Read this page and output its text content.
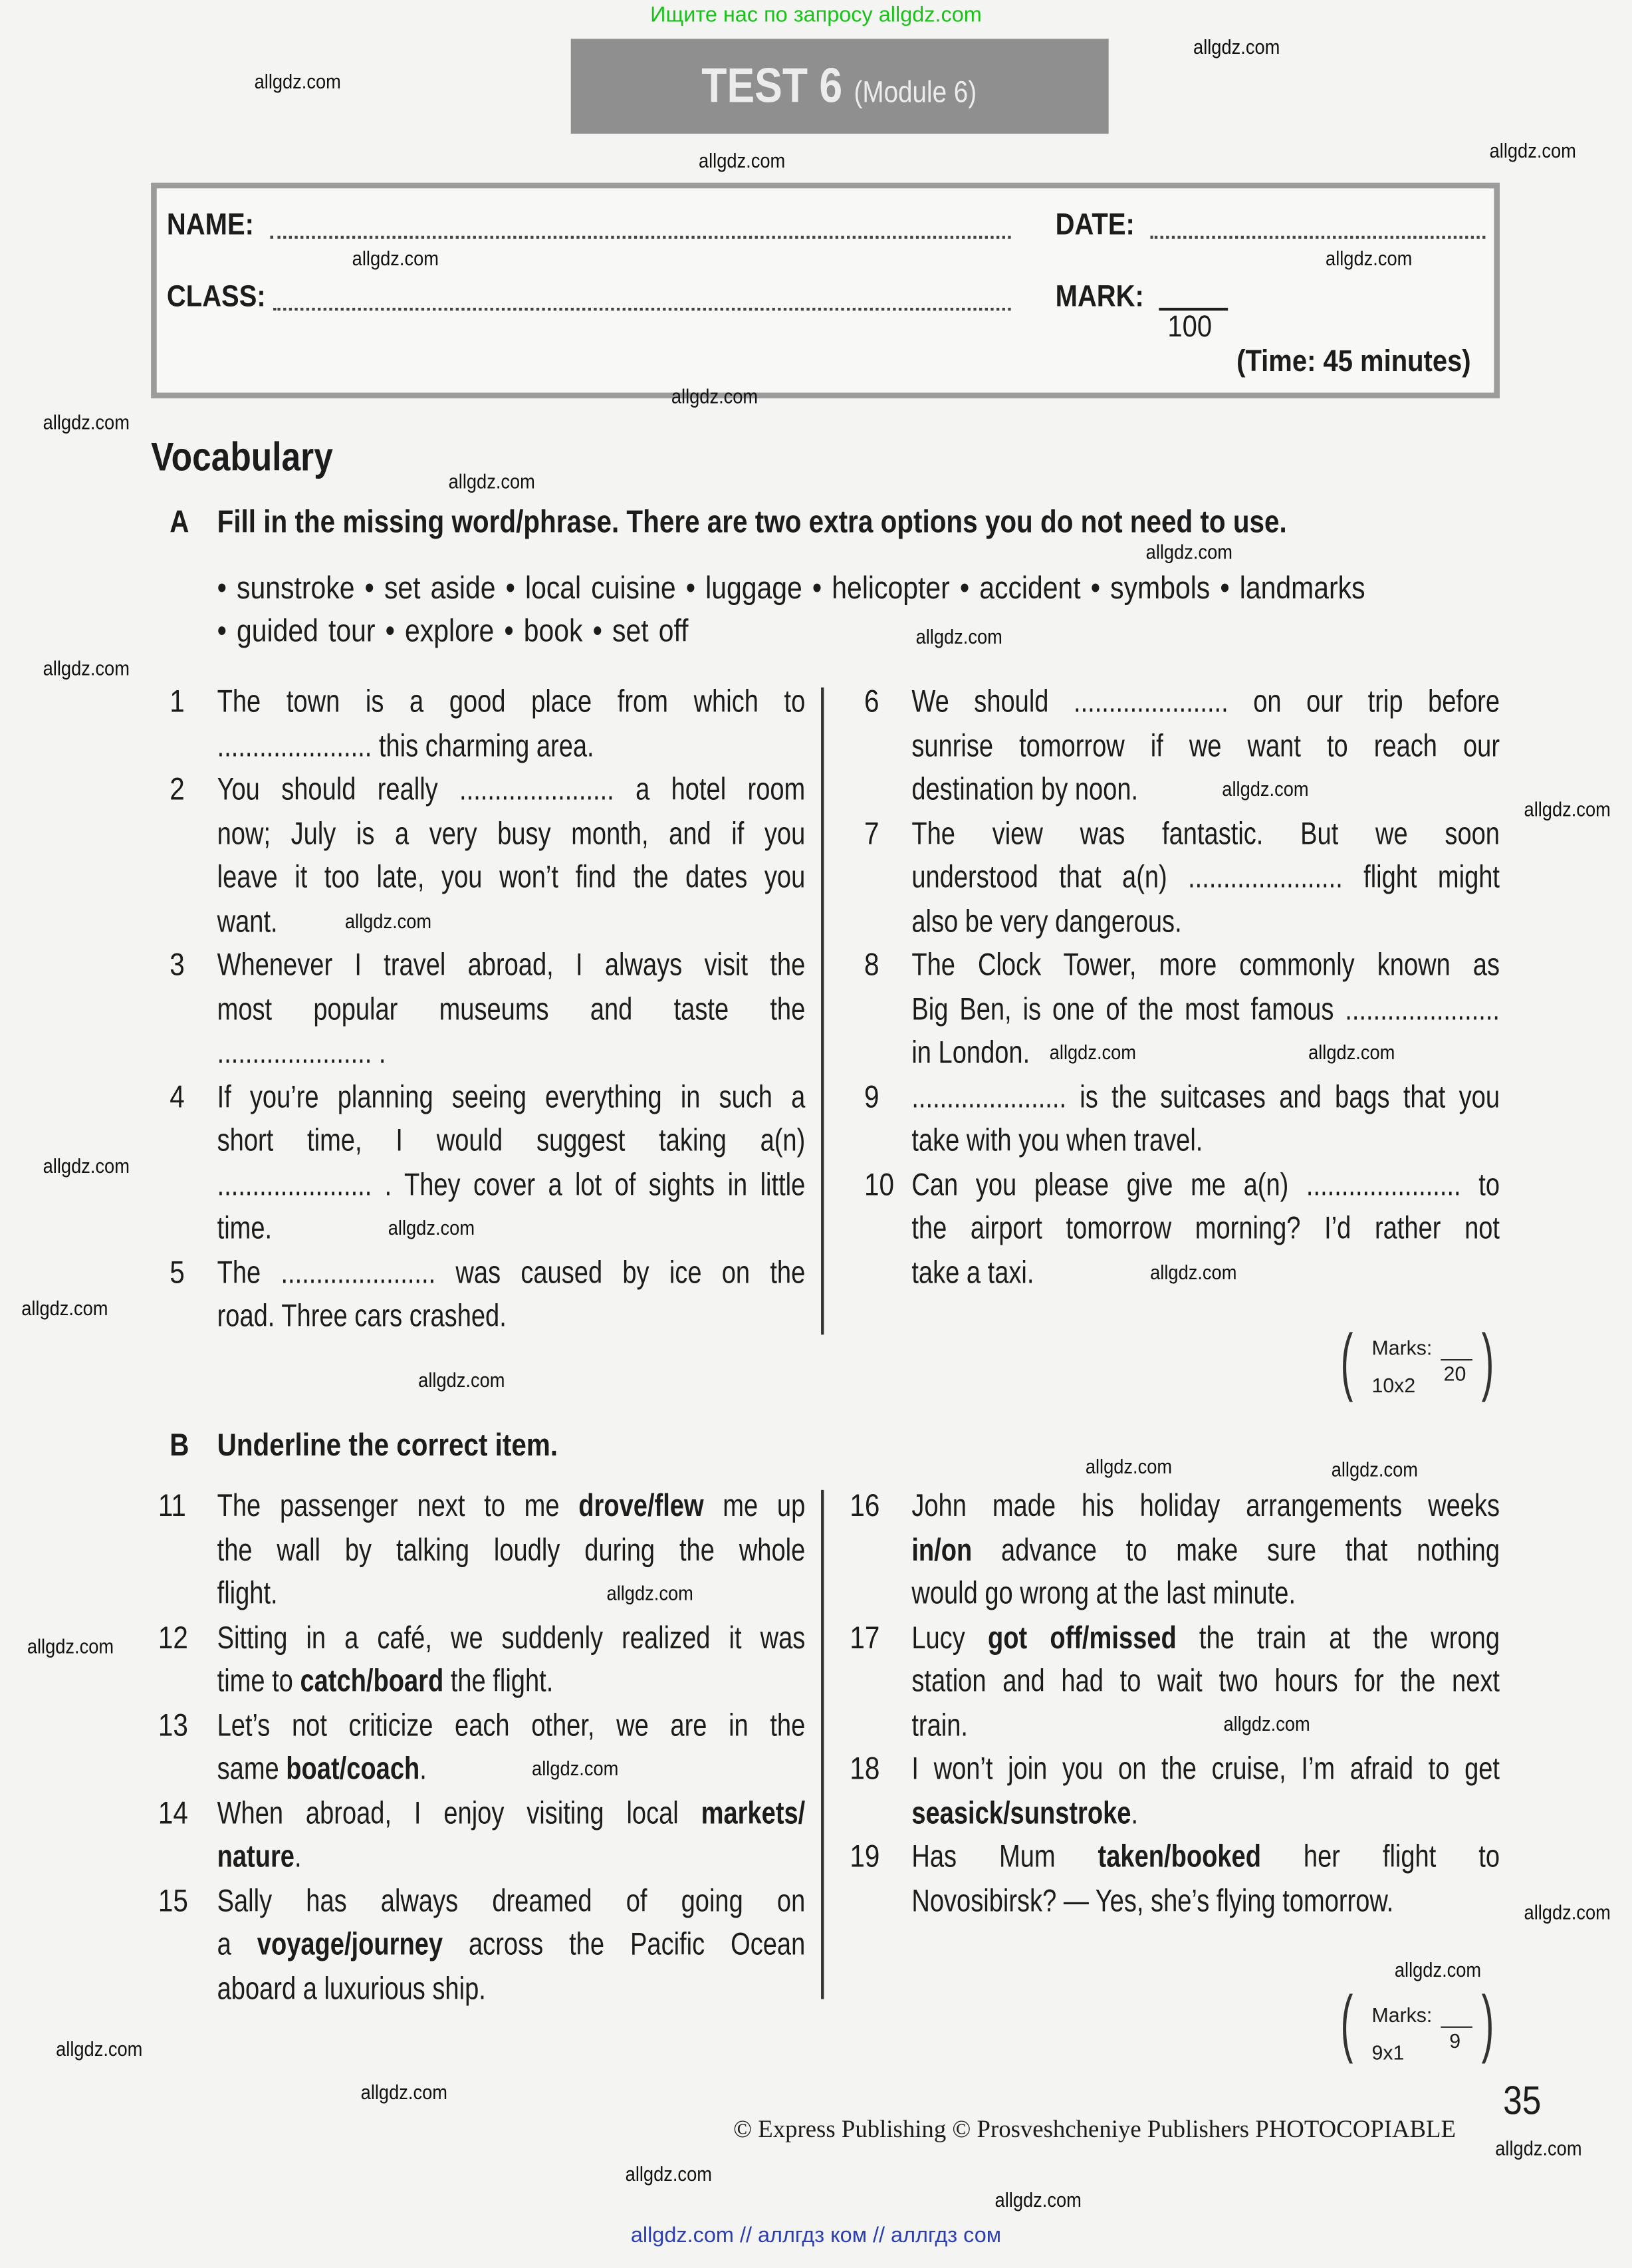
Ищите нас по запросу allgdz.com
TEST 6 (Module 6)
NAME:	DATE:
CLASS:	MARK:
100
(Time: 45 minutes)
Vocabulary
A Fill in the missing word/phrase. There are two extra options you do not need to use.
• sunstroke • set aside • local cuisine • luggage • helicopter • accident • symbols • landmarks
• guided tour • explore • book • set off
( Marks:
20
10x2 )
B Underline the correct item.
( Marks:
9
9x1 )
© Express Publishing © Prosveshcheniye Publishers PHOTOCOPIABLE
35
allgdz.com
allgdz.com
allgdz.com
allgdz.com
allgdz.com	allgdz.com
allgdz.com
allgdz.com
allgdz.com
allgdz.com
allgdz.com
allgdz.com
allgdz.com
allgdz.com
allgdz.com
allgdz.com
allgdz.com
allgdz.com
allgdz.com
allgdz.com
allgdz.com
allgdz.com
allgdz.com	allgdz.com
allgdz.com
allgdz.com
allgdz.com
allgdz.com
allgdz.com
allgdz.com
allgdz.com
allgdz.com
allgdz.com
allgdz.com
allgdz.com
allgdz.com // аллгдз ком // аллгдз сом
1 The town is a good place from which to
...................... this charming area.
2 You should really ...................... a hotel room
now; July is a very busy month, and if you
leave it too late, you won’t find the dates you
want.
3 Whenever I travel abroad, I always visit the
most popular museums and taste the
...................... .
4 If you’re planning seeing everything in such a
short time, I would suggest taking a(n)
...................... . They cover a lot of sights in little
time.
5 The ...................... was caused by ice on the
road. Three cars crashed.
6 We should ...................... on our trip before
sunrise tomorrow if we want to reach our
destination by noon.
7 The view was fantastic. But we soon
understood that a(n) ...................... flight might
also be very dangerous.
8 The Clock Tower, more commonly known as
Big Ben, is one of the most famous ......................
in London.
9 ...................... is the suitcases and bags that you
take with you when travel.
10 Can you please give me a(n) ...................... to
the airport tomorrow morning? I’d rather not
take a taxi.
11 The passenger next to me drove/flew me up
the wall by talking loudly during the whole
flight.
12 Sitting in a café, we suddenly realized it was
time to catch/board the flight.
13 Let’s not criticize each other, we are in the
same boat/coach.
14 When abroad, I enjoy visiting local markets/
nature.
15 Sally has always dreamed of going on
a voyage/journey across the Pacific Ocean
aboard a luxurious ship.
16 John made his holiday arrangements weeks
in/on advance to make sure that nothing
would go wrong at the last minute.
17 Lucy got off/missed the train at the wrong
station and had to wait two hours for the next
train.
18 I won’t join you on the cruise, I’m afraid to get
seasick/sunstroke.
19 Has Mum taken/booked her flight to
Novosibirsk? — Yes, she’s flying tomorrow.
